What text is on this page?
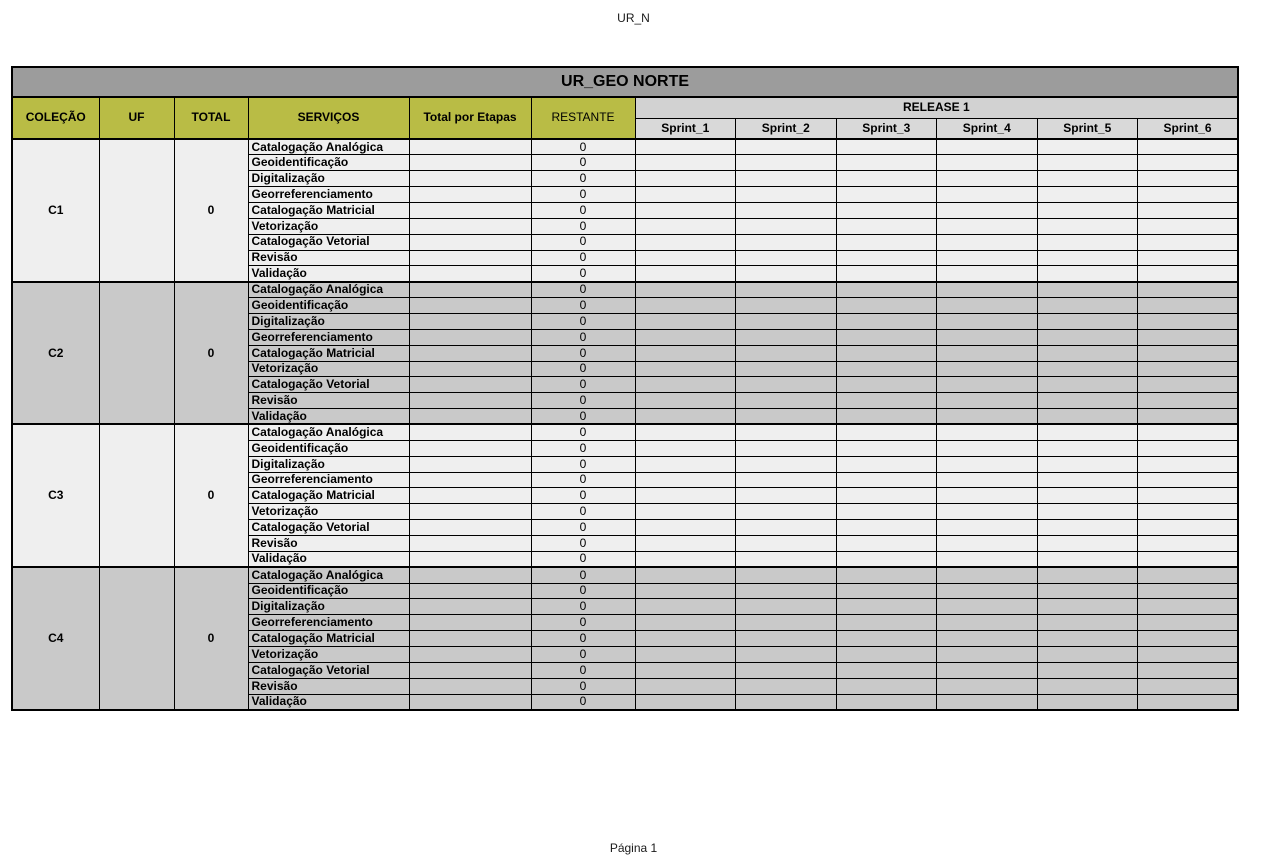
UR_N
UR_GEO NORTE											
COLEÇÃO	UF	TOTAL	SERVIÇOS	Total por Etapas	RESTANTE	RELEASE 1					
						Sprint_1	Sprint_2	Sprint_3	Sprint_4	Sprint_5	Sprint_6
C1		0	Catalogação Analógica		0						
			Geoidentificação		0						
			Digitalização		0						
			Georreferenciamento		0						
			Catalogação Matricial		0						
			Vetorização		0						
			Catalogação Vetorial		0						
			Revisão		0						
			Validação		0						
C2		0	Catalogação Analógica		0						
			Geoidentificação		0						
			Digitalização		0						
			Georreferenciamento		0						
			Catalogação Matricial		0						
			Vetorização		0						
			Catalogação Vetorial		0						
			Revisão		0						
			Validação		0						
C3		0	Catalogação Analógica		0						
			Geoidentificação		0						
			Digitalização		0						
			Georreferenciamento		0						
			Catalogação Matricial		0						
			Vetorização		0						
			Catalogação Vetorial		0						
			Revisão		0						
			Validação		0						
C4		0	Catalogação Analógica		0						
			Geoidentificação		0						
			Digitalização		0						
			Georreferenciamento		0						
			Catalogação Matricial		0						
			Vetorização		0						
			Catalogação Vetorial		0						
			Revisão		0						
			Validação		0						
Página 1
